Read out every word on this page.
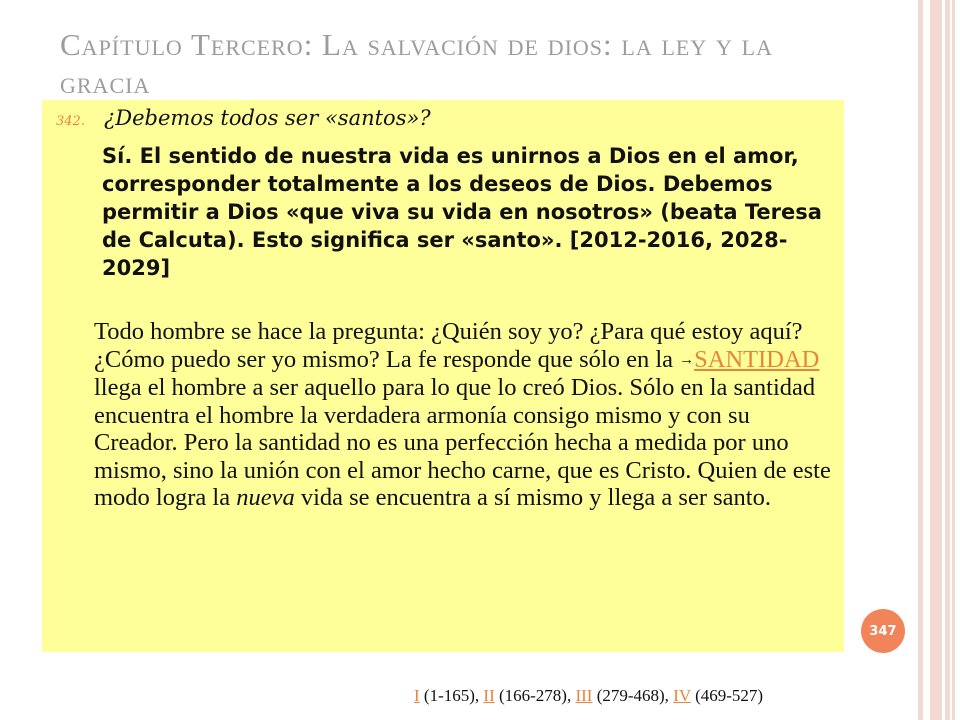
Capítulo Tercero: La salvación de dios: la ley y la gracia
342. ¿Debemos todos ser «santos»?

Sí. El sentido de nuestra vida es unirnos a Dios en el amor, corresponder totalmente a los deseos de Dios. Debemos permitir a Dios «que viva su vida en nosotros» (beata Teresa de Calcuta). Esto significa ser «santo». [2012-2016, 2028-2029]

Todo hombre se hace la pregunta: ¿Quién soy yo? ¿Para qué estoy aquí? ¿Cómo puedo ser yo mismo? La fe responde que sólo en la →SANTIDAD llega el hombre a ser aquello para lo que lo creó Dios. Sólo en la santidad encuentra el hombre la verdadera armonía consigo mismo y con su Creador. Pero la santidad no es una perfección hecha a medida por uno mismo, sino la unión con el amor hecho carne, que es Cristo. Quien de este modo logra la nueva vida se encuentra a sí mismo y llega a ser santo.

347
I (1-165), II (166-278), III (279-468), IV (469-527)
